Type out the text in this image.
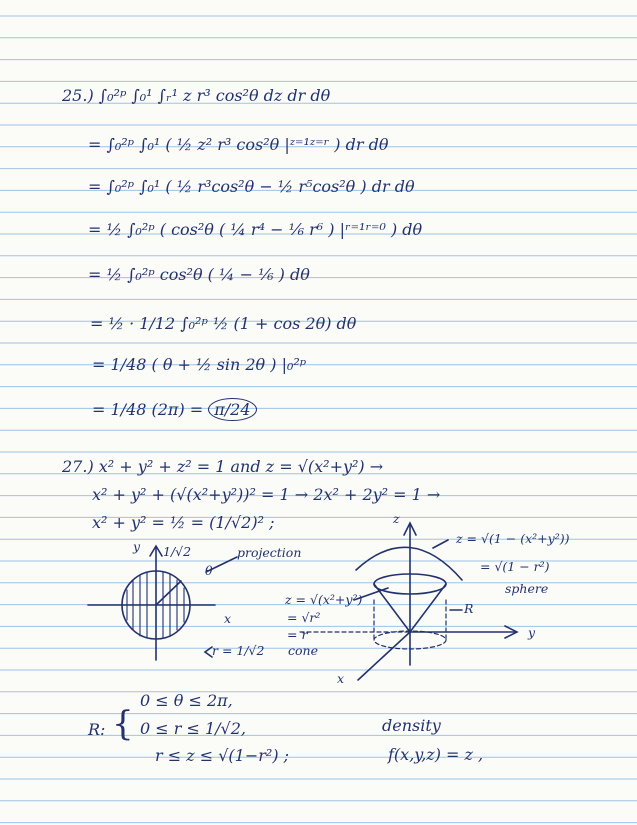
25.) ∫₀²ᵖ ∫₀¹ ∫ᵣ¹ z r³ cos²θ dz dr dθ
= ∫₀²ᵖ ∫₀¹ ( ½ z² r³ cos²θ |ᶻ⁼¹ᶻ⁼ʳ ) dr dθ
= ∫₀²ᵖ ∫₀¹ ( ½ r³cos²θ − ½ r⁵cos²θ ) dr dθ
= ½ ∫₀²ᵖ ( cos²θ ( ¼ r⁴ − ⅙ r⁶ ) |ʳ⁼¹ʳ⁼⁰ ) dθ
= ½ ∫₀²ᵖ cos²θ ( ¼ − ⅙ ) dθ
= ½ · 1/12 ∫₀²ᵖ ½ (1 + cos 2θ) dθ
= 1/48 ( θ + ½ sin 2θ ) |₀²ᵖ
= 1/48 (2π) = π/24
27.) x² + y² + z² = 1 and z = √(x²+y²) →
x² + y² + (√(x²+y²))² = 1 → 2x² + 2y² = 1 →
x² + y² = ½ = (1/√2)² ;
y 1/√2
θ
projection
x
r = 1/√2
z
z = √(1 − (x²+y²))
= √(1 − r²)
sphere
z = √(x²+y²)
= √r²
= r
cone
R
y
x
R: {
0 ≤ θ ≤ 2π,
0 ≤ r ≤ 1/√2,
r ≤ z ≤ √(1−r²) ;
density
f(x,y,z) = z ,
